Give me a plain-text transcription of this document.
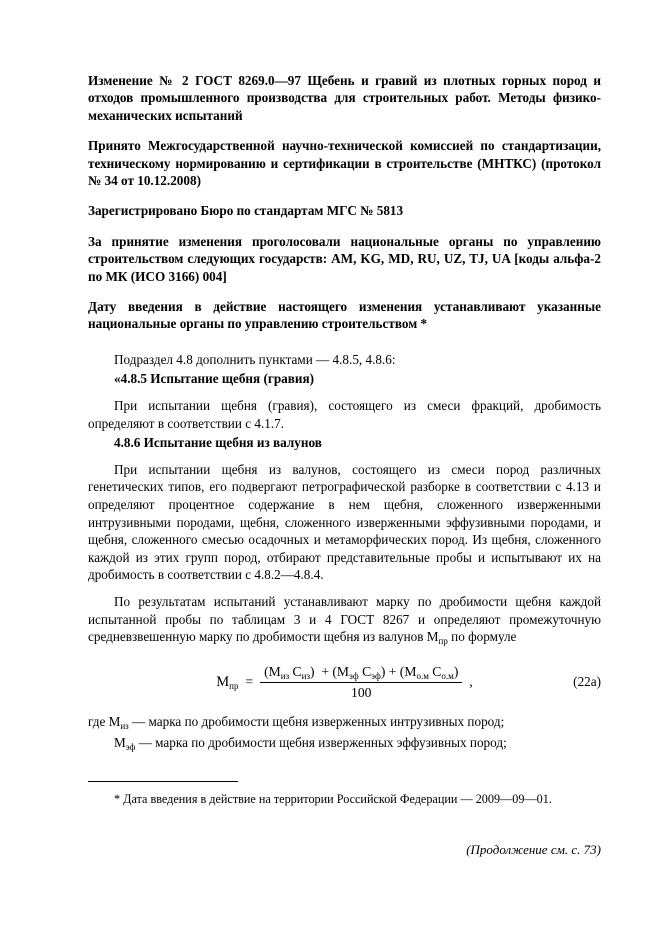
Изменение № 2 ГОСТ 8269.0—97 Щебень и гравий из плотных горных пород и отходов промышленного производства для строительных работ. Методы физико-механических испытаний

Принято Межгосударственной научно-технической комиссией по стандартизации, техническому нормированию и сертификации в строительстве (МНТКС) (протокол № 34 от 10.12.2008)

Зарегистрировано Бюро по стандартам МГС № 5813

За принятие изменения проголосовали национальные органы по управлению строительством следующих государств: AM, KG, MD, RU, UZ, TJ, UA [коды альфа-2 по МК (ИСО 3166) 004]

Дату введения в действие настоящего изменения устанавливают указанные национальные органы по управлению строительством *

Подраздел 4.8 дополнить пунктами — 4.8.5, 4.8.6:

«4.8.5 Испытание щебня (гравия)

При испытании щебня (гравия), состоящего из смеси фракций, дробимость определяют в соответствии с 4.1.7.

4.8.6 Испытание щебня из валунов

При испытании щебня из валунов, состоящего из смеси пород различных генетических типов, его подвергают петрографической разборке в соответствии с 4.13 и определяют процентное содержание в нем щебня, сложенного изверженными интрузивными породами, щебня, сложенного изверженными эффузивными породами, и щебня, сложенного смесью осадочных и метаморфических пород. Из щебня, сложенного каждой из этих групп пород, отбирают представительные пробы и испытывают их на дробимость в соответствии с 4.8.2—4.8.4.

По результатам испытаний устанавливают марку по дробимости щебня каждой испытанной пробы по таблицам 3 и 4 ГОСТ 8267 и определяют промежуточную средневзвешенную марку по дробимости щебня из валунов $М_{пр}$ по формуле

$М_{пр} = \frac{(М_{из} С_{из}) + (М_{эф} С_{эф}) + (М_{о.м} С_{о.м})}{100}$ ,	(22а)

где $М_{из}$ — марка по дробимости щебня изверженных интрузивных пород;

$М_{эф}$ — марка по дробимости щебня изверженных эффузивных пород;

* Дата введения в действие на территории Российской Федерации — 2009—09—01.

(Продолжение см. с. 73)
